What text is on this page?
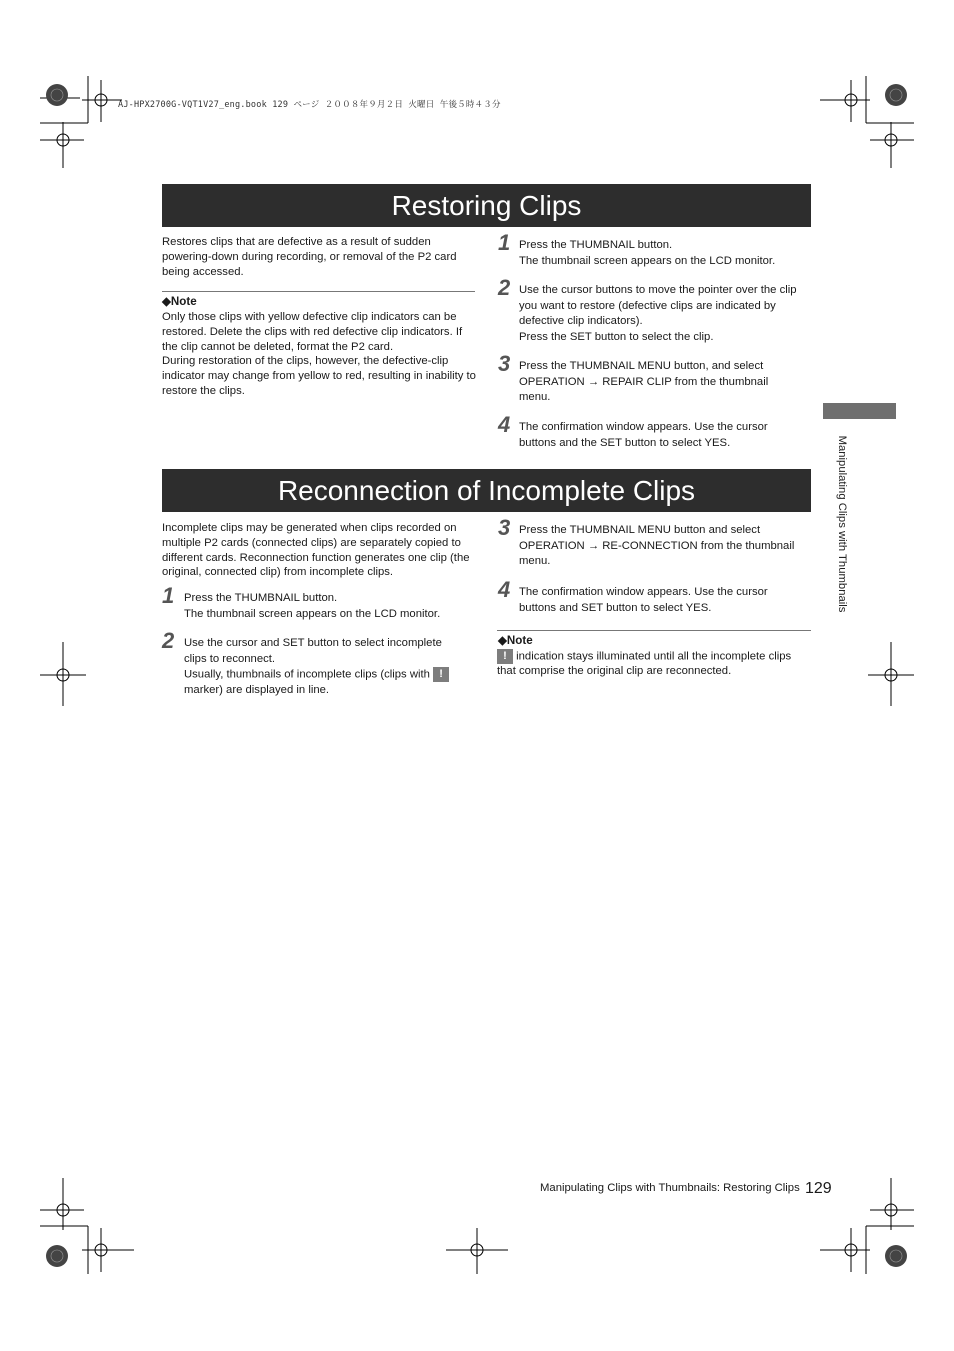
AJ-HPX2700G-VQT1V27_eng.book 129 ページ ２００８年９月２日 火曜日 午後５時４３分
Restoring Clips
Restores clips that are defective as a result of sudden powering-down during recording, or removal of the P2 card being accessed.
◆Note
Only those clips with yellow defective clip indicators can be restored. Delete the clips with red defective clip indicators. If the clip cannot be deleted, format the P2 card.
During restoration of the clips, however, the defective-clip indicator may change from yellow to red, resulting in inability to restore the clips.
1 Press the THUMBNAIL button.
The thumbnail screen appears on the LCD monitor.
2 Use the cursor buttons to move the pointer over the clip
you want to restore (defective clips are indicated by
defective clip indicators).
Press the SET button to select the clip.
3 Press the THUMBNAIL MENU button, and select
OPERATION → REPAIR CLIP from the thumbnail
menu.
4 The confirmation window appears. Use the cursor
buttons and the SET button to select YES.
Reconnection of Incomplete Clips
Incomplete clips may be generated when clips recorded on multiple P2 cards (connected clips) are separately copied to different cards. Reconnection function generates one clip (the original, connected clip) from incomplete clips.
1 Press the THUMBNAIL button.
The thumbnail screen appears on the LCD monitor.
2 Use the cursor and SET button to select incomplete
clips to reconnect.
Usually, thumbnails of incomplete clips (clips with !
marker) are displayed in line.
3 Press the THUMBNAIL MENU button and select
OPERATION → RE-CONNECTION from the thumbnail
menu.
4 The confirmation window appears. Use the cursor
buttons and SET button to select YES.
◆Note
! indication stays illuminated until all the incomplete clips
that comprise the original clip are reconnected.
Manipulating Clips with Thumbnails
Manipulating Clips with Thumbnails: Restoring Clips 129
